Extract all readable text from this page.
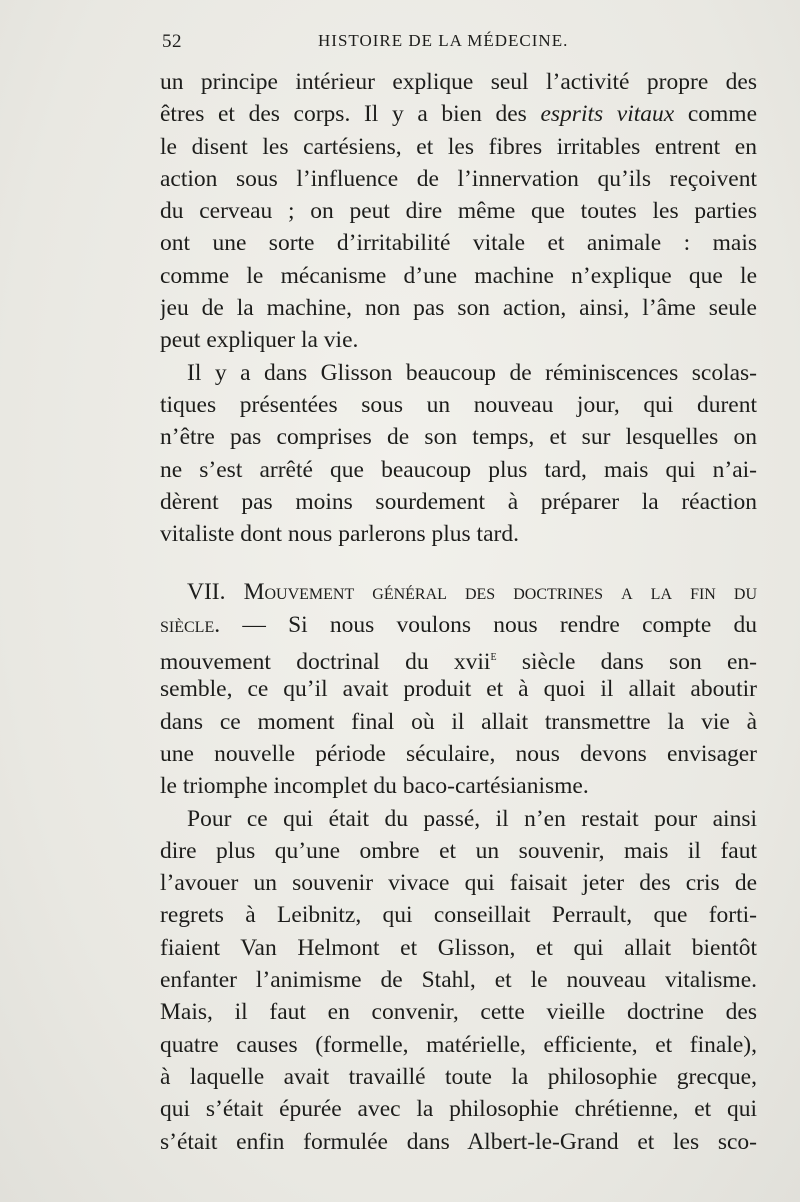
52	HISTOIRE DE LA MÉDECINE.
un principe intérieur explique seul l’activité propre des
êtres et des corps. Il y a bien des esprits vitaux comme
le disent les cartésiens, et les fibres irritables entrent en
action sous l’influence de l’innervation qu’ils reçoivent
du cerveau ; on peut dire même que toutes les parties
ont une sorte d’irritabilité vitale et animale : mais
comme le mécanisme d’une machine n’explique que le
jeu de la machine, non pas son action, ainsi, l’âme seule
peut expliquer la vie.
Il y a dans Glisson beaucoup de réminiscences scolas-
tiques présentées sous un nouveau jour, qui durent
n’être pas comprises de son temps, et sur lesquelles on
ne s’est arrêté que beaucoup plus tard, mais qui n’ai-
dèrent pas moins sourdement à préparer la réaction
vitaliste dont nous parlerons plus tard.
VII. Mouvement général des doctrines a la fin du
siècle. — Si nous voulons nous rendre compte du
mouvement doctrinal du xvii$^e$ siècle dans son en-
semble, ce qu’il avait produit et à quoi il allait aboutir
dans ce moment final où il allait transmettre la vie à
une nouvelle période séculaire, nous devons envisager
le triomphe incomplet du baco-cartésianisme.
Pour ce qui était du passé, il n’en restait pour ainsi
dire plus qu’une ombre et un souvenir, mais il faut
l’avouer un souvenir vivace qui faisait jeter des cris de
regrets à Leibnitz, qui conseillait Perrault, que forti-
fiaient Van Helmont et Glisson, et qui allait bientôt
enfanter l’animisme de Stahl, et le nouveau vitalisme.
Mais, il faut en convenir, cette vieille doctrine des
quatre causes (formelle, matérielle, efficiente, et finale),
à laquelle avait travaillé toute la philosophie grecque,
qui s’était épurée avec la philosophie chrétienne, et qui
s’était enfin formulée dans Albert-le-Grand et les sco-
